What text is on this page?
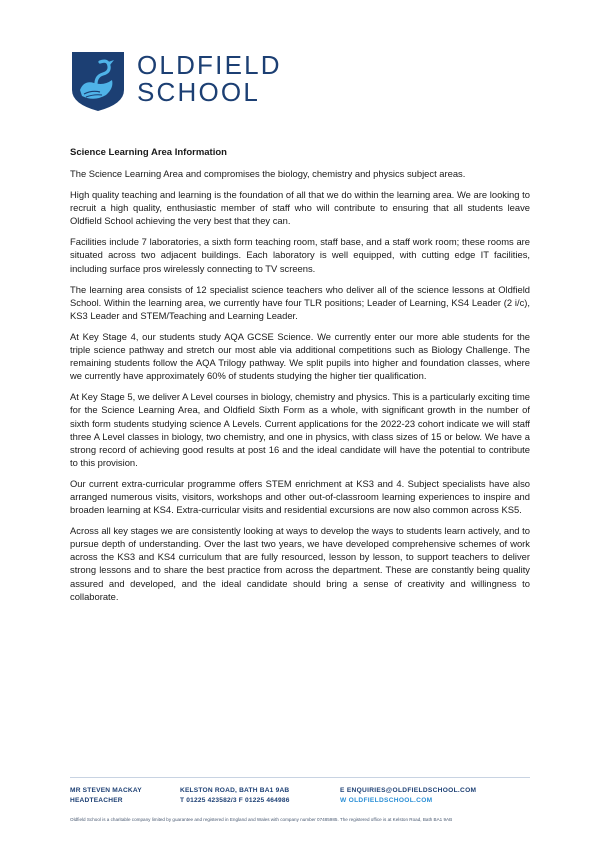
OLDFIELD
SCHOOL

Science Learning Area Information

The Science Learning Area and compromises the biology, chemistry and physics subject areas.

High quality teaching and learning is the foundation of all that we do within the learning area. We are looking to recruit a high quality, enthusiastic member of staff who will contribute to ensuring that all students leave Oldfield School achieving the very best that they can.

Facilities include 7 laboratories, a sixth form teaching room, staff base, and a staff work room; these rooms are situated across two adjacent buildings. Each laboratory is well equipped, with cutting edge IT facilities, including surface pros wirelessly connecting to TV screens.

The learning area consists of 12 specialist science teachers who deliver all of the science lessons at Oldfield School. Within the learning area, we currently have four TLR positions; Leader of Learning, KS4 Leader (2 i/c), KS3 Leader and STEM/Teaching and Learning Leader.

At Key Stage 4, our students study AQA GCSE Science. We currently enter our more able students for the triple science pathway and stretch our most able via additional competitions such as Biology Challenge. The remaining students follow the AQA Trilogy pathway. We split pupils into higher and foundation classes, where we currently have approximately 60% of students studying the higher tier qualification.

At Key Stage 5, we deliver A Level courses in biology, chemistry and physics. This is a particularly exciting time for the Science Learning Area, and Oldfield Sixth Form as a whole, with significant growth in the number of sixth form students studying science A Levels. Current applications for the 2022-23 cohort indicate we will staff three A Level classes in biology, two chemistry, and one in physics, with class sizes of 15 or below. We have a strong record of achieving good results at post 16 and the ideal candidate will have the potential to contribute to this provision.

Our current extra-curricular programme offers STEM enrichment at KS3 and 4. Subject specialists have also arranged numerous visits, visitors, workshops and other out-of-classroom learning experiences to inspire and broaden learning at KS4. Extra-curricular visits and residential excursions are now also common across KS5.

Across all key stages we are consistently looking at ways to develop the ways to students learn actively, and to pursue depth of understanding. Over the last two years, we have developed comprehensive schemes of work across the KS3 and KS4 curriculum that are fully resourced, lesson by lesson, to support teachers to deliver strong lessons and to share the best practice from across the department. These are constantly being quality assured and developed, and the ideal candidate should bring a sense of creativity and willingness to collaborate.

MR STEVEN MACKAY
HEADTEACHER
KELSTON ROAD, BATH BA1 9AB
T 01225 423582/3 F 01225 464986
E ENQUIRIES@OLDFIELDSCHOOL.COM
W OLDFIELDSCHOOL.COM
Oldfield School is a charitable company limited by guarantee and registered in England and Wales with company number 07485985. The registered office is at Kelston Road, Bath BA1 9AB
